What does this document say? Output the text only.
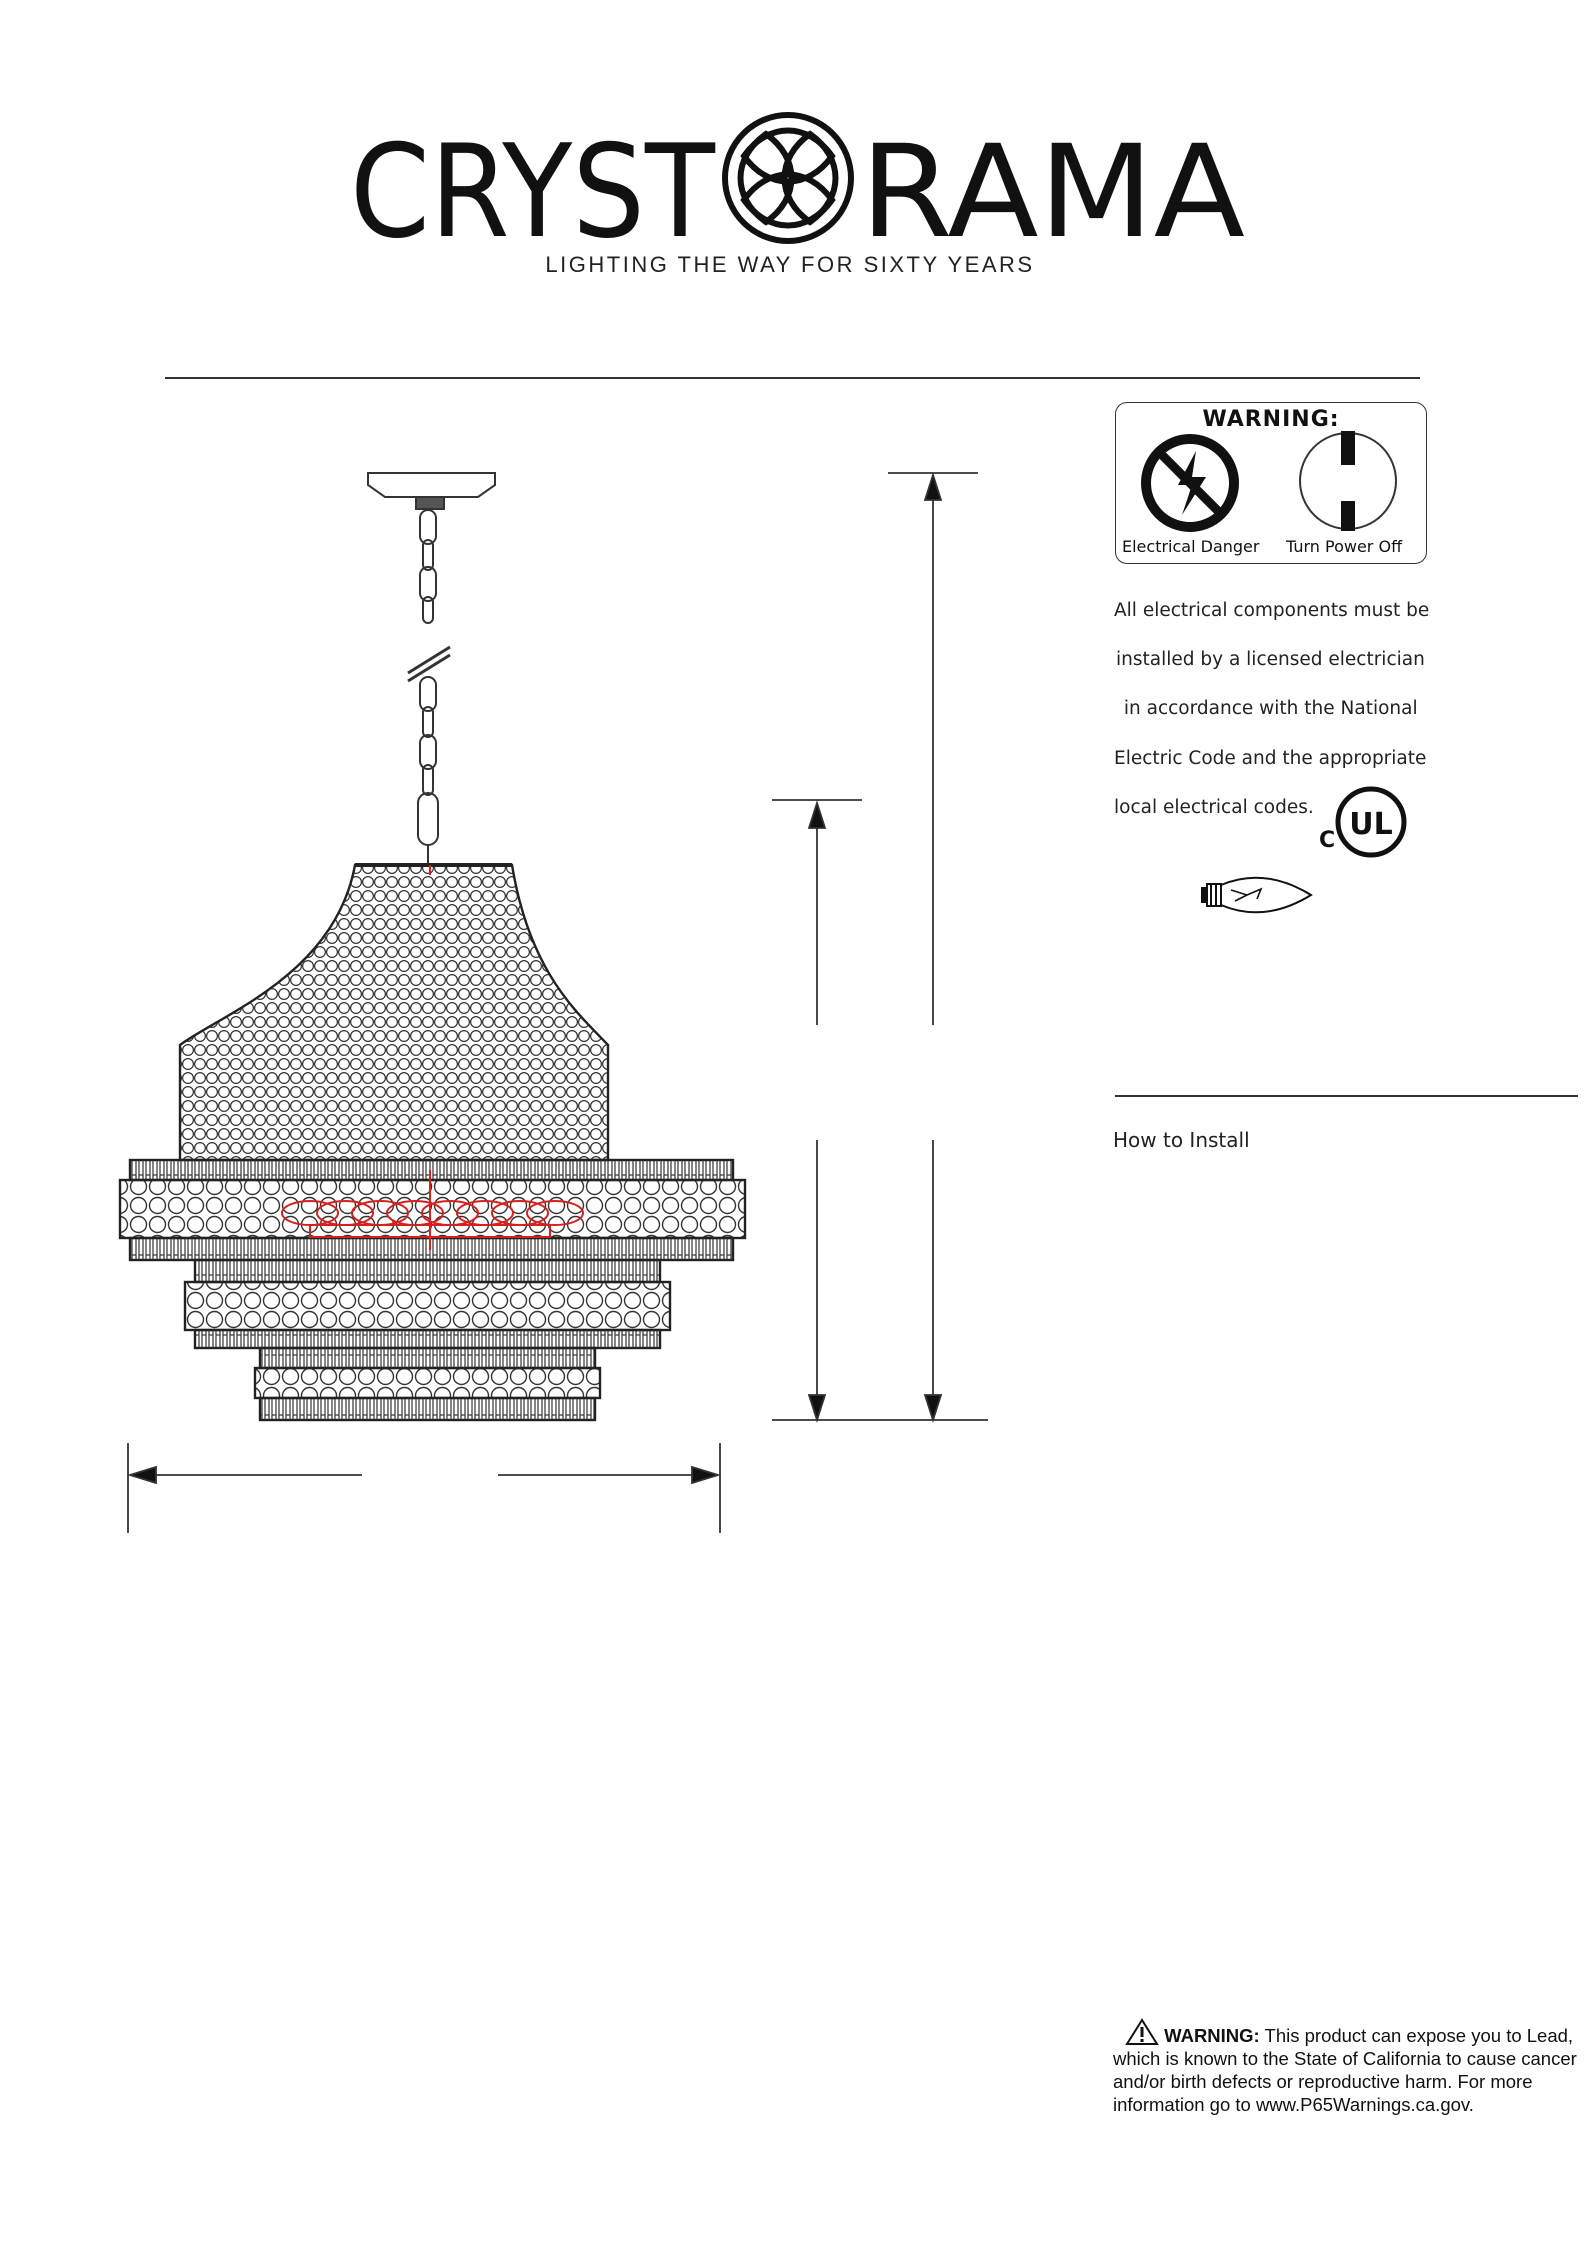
CRYST RAMA
LIGHTING THE WAY FOR SIXTY YEARS
WARNING:
Electrical Danger Turn Power Off
All electrical components must be
installed by a licensed electrician
in accordance with the National
Electric Code and the appropriate
local electrical codes. UL
C
How to Install
WARNING: This product can expose you to Lead, which is known to the State of California to cause cancer and/or birth defects or reproductive harm. For more information go to www.P65Warnings.ca.gov.
